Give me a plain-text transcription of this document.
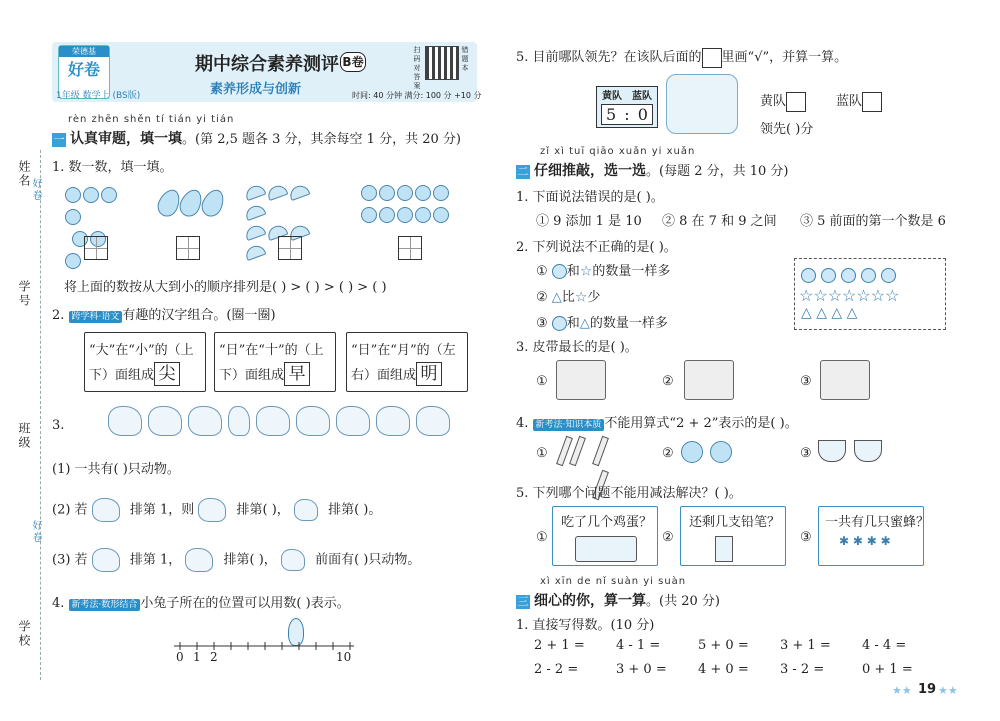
姓名
好卷
学号
班级
好卷
学校
荣德基
好卷
1年级 数学上 (BS版)
期中综合素养测评 B卷
素养形成与创新	时间: 40 分钟 满分: 100 分 +10 分
扫码对答案	错题本
rèn zhēn shěn tí tián yi tián
一 认真审题，填一填。(第 2,5 题各 3 分，其余每空 1 分，共 20 分)
1. 数一数，填一填。

将上面的数按从大到小的顺序排列是( ) > ( ) > ( ) > ( )
2. 跨学科·语文 有趣的汉字组合。(圈一圈)
“大”在“小”的（上
下）面组成 尖
“日”在“十”的（上
下）面组成 早
“日”在“月”的（左
右）面组成 明
3.
(1) 一共有( )只动物。
(2) 若	排第 1，则	排第( )，	排第( )。
(3) 若	排第 1，	排第( )，	前面有( )只动物。
4. 新考法·数形结合 小兔子所在的位置可以用数( )表示。
0 1 2	10
5. 目前哪队领先？在该队后面的 里画“√”，并算一算。
黄队 蓝队
5 : 0
黄队	蓝队
领先( )分
zǐ xì tuī qiāo xuǎn yi xuǎn
二 仔细推敲，选一选。(每题 2 分，共 10 分)
1. 下面说法错误的是( )。
① 9 添加 1 是 10 ② 8 在 7 和 9 之间 ③ 5 前面的第一个数是 6
2. 下列说法不正确的是( )。
① 和☆的数量一样多
② △比☆少
③ 和△的数量一样多
☆☆☆☆☆☆☆
△ △ △ △
3. 皮带最长的是( )。
①	②	③
4. 新考法·知识本质 不能用算式“2 + 2”表示的是( )。
①	②	③
5. 下列哪个问题不能用减法解决？( )。
①
吃了几个鸡蛋？
②
还剩几支铅笔？
③
一共有几只蜜蜂？
✱ ✱ ✱ ✱
xì xīn de nǐ suàn yi suàn
三 细心的你，算一算。(共 20 分)
1. 直接写得数。(10 分)
2 + 1 = 4 - 1 =	5 + 0 = 3 + 1 = 4 - 4 =
2 - 2 =	3 + 0 = 4 + 0 = 3 - 2 =	0 + 1 =
★★ 19 ★★
